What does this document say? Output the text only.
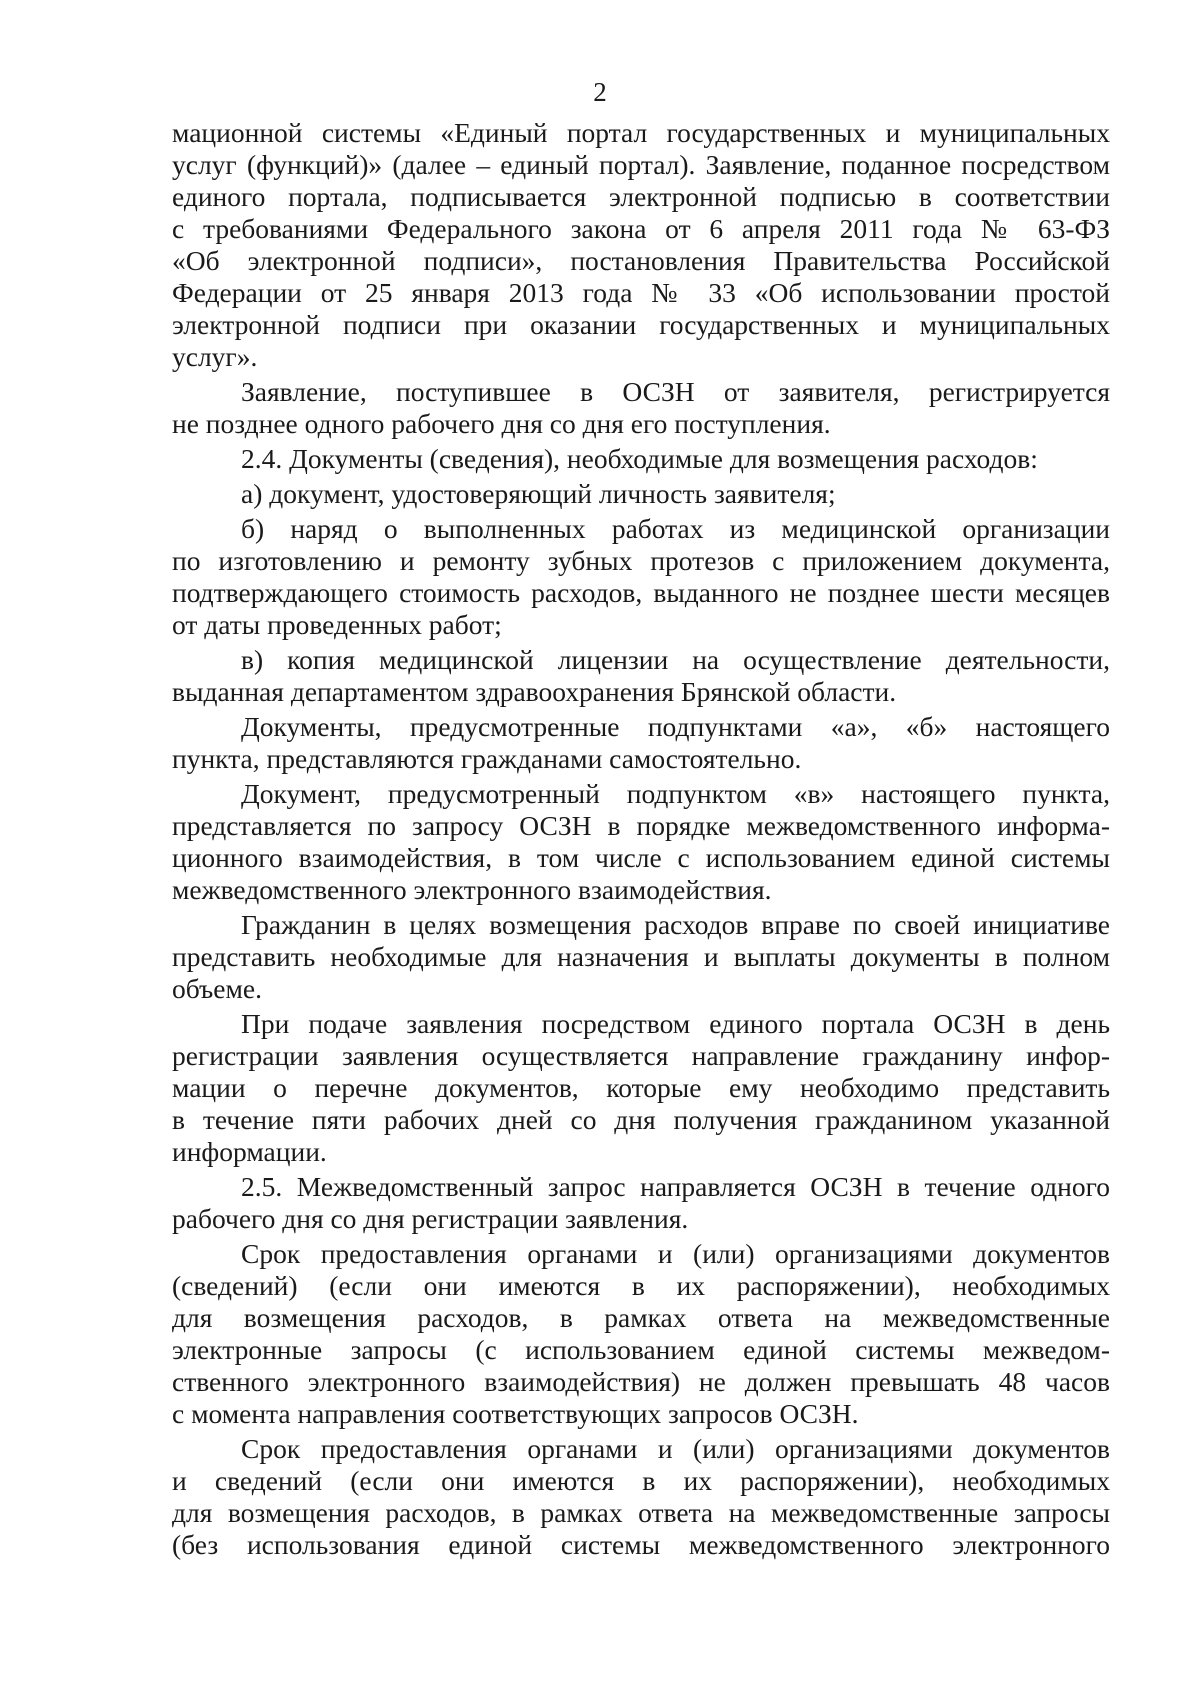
2
мационной системы «Единый портал государственных и муниципальных
услуг (функций)» (далее – единый портал). Заявление, поданное посредством
единого портала, подписывается электронной подписью в соответствии
с требованиями Федерального закона от 6 апреля 2011 года № 63-ФЗ
«Об электронной подписи», постановления Правительства Российской
Федерации от 25 января 2013 года № 33 «Об использовании простой
электронной подписи при оказании государственных и муниципальных
услуг».
Заявление, поступившее в ОСЗН от заявителя, регистрируется
не позднее одного рабочего дня со дня его поступления.
2.4. Документы (сведения), необходимые для возмещения расходов:
а) документ, удостоверяющий личность заявителя;
б) наряд о выполненных работах из медицинской организации
по изготовлению и ремонту зубных протезов с приложением документа,
подтверждающего стоимость расходов, выданного не позднее шести месяцев
от даты проведенных работ;
в) копия медицинской лицензии на осуществление деятельности,
выданная департаментом здравоохранения Брянской области.
Документы, предусмотренные подпунктами «а», «б» настоящего
пункта, представляются гражданами самостоятельно.
Документ, предусмотренный подпунктом «в» настоящего пункта,
представляется по запросу ОСЗН в порядке межведомственного информа-
ционного взаимодействия, в том числе с использованием единой системы
межведомственного электронного взаимодействия.
Гражданин в целях возмещения расходов вправе по своей инициативе
представить необходимые для назначения и выплаты документы в полном
объеме.
При подаче заявления посредством единого портала ОСЗН в день
регистрации заявления осуществляется направление гражданину инфор-
мации о перечне документов, которые ему необходимо представить
в течение пяти рабочих дней со дня получения гражданином указанной
информации.
2.5. Межведомственный запрос направляется ОСЗН в течение одного
рабочего дня со дня регистрации заявления.
Срок предоставления органами и (или) организациями документов
(сведений) (если они имеются в их распоряжении), необходимых
для возмещения расходов, в рамках ответа на межведомственные
электронные запросы (с использованием единой системы межведом-
ственного электронного взаимодействия) не должен превышать 48 часов
с момента направления соответствующих запросов ОСЗН.
Срок предоставления органами и (или) организациями документов
и сведений (если они имеются в их распоряжении), необходимых
для возмещения расходов, в рамках ответа на межведомственные запросы
(без использования единой системы межведомственного электронного
